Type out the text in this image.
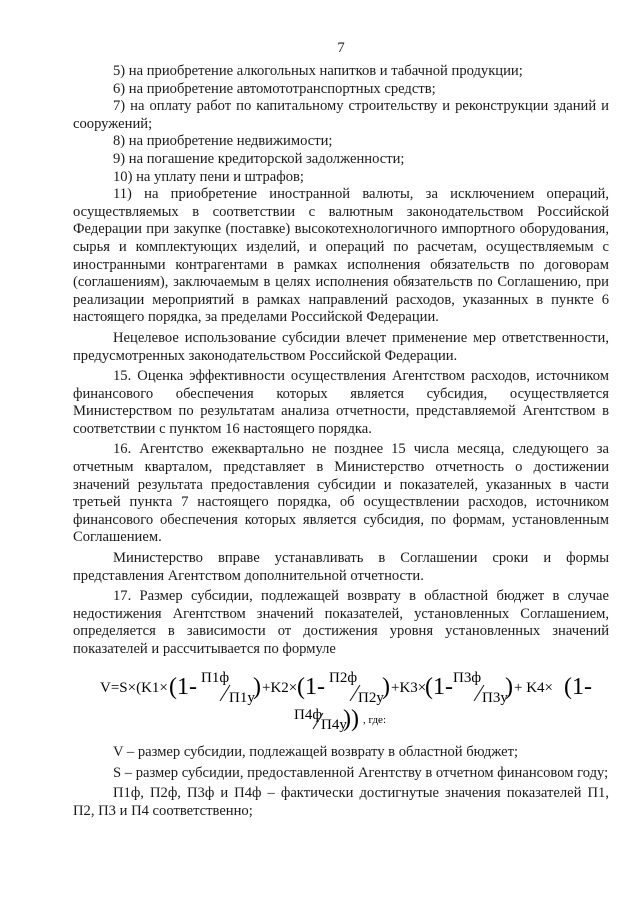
7

5) на приобретение алкогольных напитков и табачной продукции;

6) на приобретение автомототранспортных средств;

7) на оплату работ по капитальному строительству и реконструкции зданий и сооружений;

8) на приобретение недвижимости;

9) на погашение кредиторской задолженности;

10) на уплату пени и штрафов;

11) на приобретение иностранной валюты, за исключением операций, осуществляемых в соответствии с валютным законодательством Российской Федерации при закупке (поставке) высокотехнологичного импортного оборудования, сырья и комплектующих изделий, и операций по расчетам, осуществляемым с иностранными контрагентами в рамках исполнения обязательств по договорам (соглашениям), заключаемым в целях исполнения обязательств по Соглашению, при реализации мероприятий в рамках направлений расходов, указанных в пункте 6 настоящего порядка, за пределами Российской Федерации.

Нецелевое использование субсидии влечет применение мер ответственности, предусмотренных законодательством Российской Федерации.

15. Оценка эффективности осуществления Агентством расходов, источником финансового обеспечения которых является субсидия, осуществляется Министерством по результатам анализа отчетности, представляемой Агентством в соответствии с пунктом 16 настоящего порядка.

16. Агентство ежеквартально не позднее 15 числа месяца, следующего за отчетным кварталом, представляет в Министерство отчетность о достижении значений результата предоставления субсидии и показателей, указанных в части третьей пункта 7 настоящего порядка, об осуществлении расходов, источником финансового обеспечения которых является субсидия, по формам, установленным Соглашением.

Министерство вправе устанавливать в Соглашении сроки и формы представления Агентством дополнительной отчетности.

17. Размер субсидии, подлежащей возврату в областной бюджет в случае недостижения Агентством значений показателей, установленных Соглашением, определяется в зависимости от достижения уровня установленных значений показателей и рассчитывается по формуле

V=S×(K1× (1- П1ф
П1у
) +K2× (1- П2ф
П2у
) +K3×
(1- П3ф
П3у
) + K4× (1-
П4ф
П4у
)) , где:

V – размер субсидии, подлежащей возврату в областной бюджет;

S – размер субсидии, предоставленной Агентству в отчетном финансовом году;

П1ф, П2ф, П3ф и П4ф – фактически достигнутые значения показателей П1, П2, П3 и П4 соответственно;
